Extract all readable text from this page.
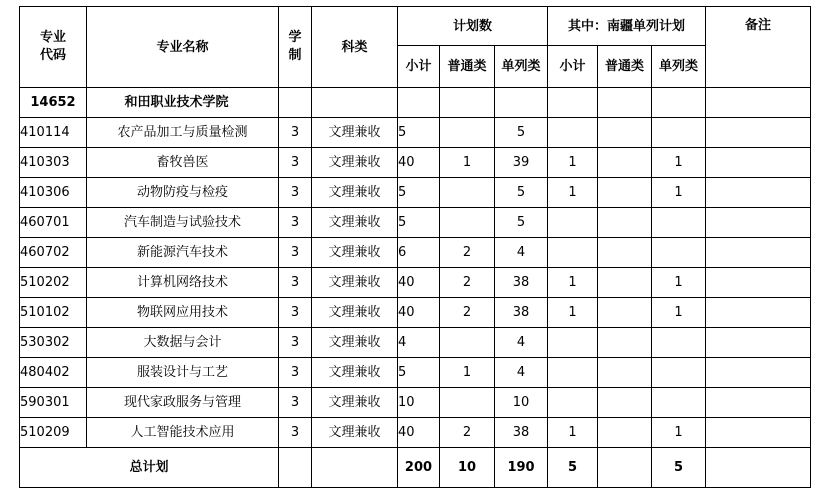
专业代码	专业名称	学制	科类	计划数			其中：南疆单列计划			备注
				小计	普通类	单列类	小计	普通类	单列类	
14652	和田职业技术学院									
410114	农产品加工与质量检测	3	文理兼收	5		5				
410303	畜牧兽医	3	文理兼收	40	1	39	1		1	
410306	动物防疫与检疫	3	文理兼收	5		5	1		1	
460701	汽车制造与试验技术	3	文理兼收	5		5				
460702	新能源汽车技术	3	文理兼收	6	2	4				
510202	计算机网络技术	3	文理兼收	40	2	38	1		1	
510102	物联网应用技术	3	文理兼收	40	2	38	1		1	
530302	大数据与会计	3	文理兼收	4		4				
480402	服装设计与工艺	3	文理兼收	5	1	4				
590301	现代家政服务与管理	3	文理兼收	10		10				
510209	人工智能技术应用	3	文理兼收	40	2	38	1		1	
总计划				200	10	190	5		5	
